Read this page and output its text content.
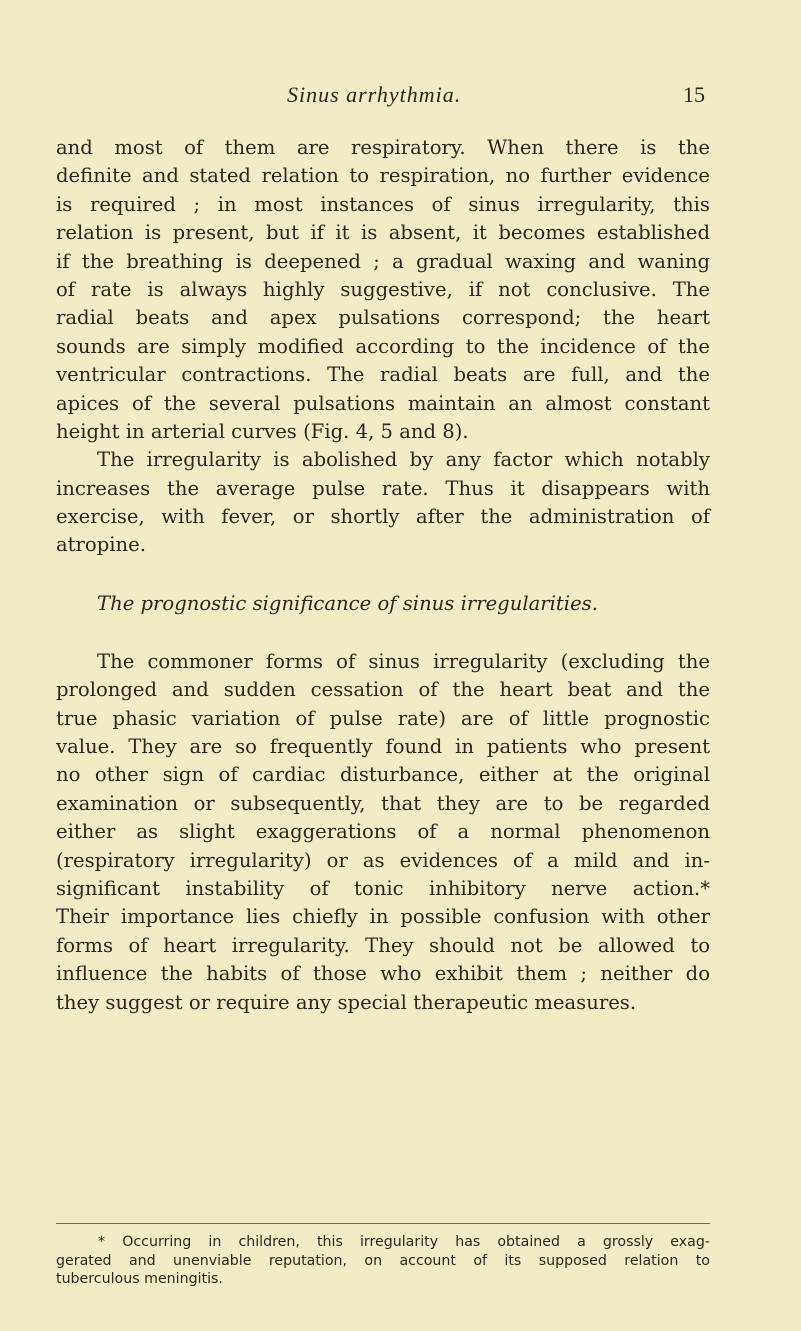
Sinus arrhythmia.	15
and most of them are respiratory. When there is the
definite and stated relation to respiration, no further evidence
is required ; in most instances of sinus irregularity, this
relation is present, but if it is absent, it becomes established
if the breathing is deepened ; a gradual waxing and waning
of rate is always highly suggestive, if not conclusive. The
radial beats and apex pulsations correspond; the heart
sounds are simply modified according to the incidence of the
ventricular contractions. The radial beats are full, and the
apices of the several pulsations maintain an almost constant
height in arterial curves (Fig. 4, 5 and 8).
The irregularity is abolished by any factor which notably
increases the average pulse rate. Thus it disappears with
exercise, with fever, or shortly after the administration of
atropine.
The prognostic significance of sinus irregularities.
The commoner forms of sinus irregularity (excluding the
prolonged and sudden cessation of the heart beat and the
true phasic variation of pulse rate) are of little prognostic
value. They are so frequently found in patients who present
no other sign of cardiac disturbance, either at the original
examination or subsequently, that they are to be regarded
either as slight exaggerations of a normal phenomenon
(respiratory irregularity) or as evidences of a mild and in-
significant instability of tonic inhibitory nerve action.*
Their importance lies chiefly in possible confusion with other
forms of heart irregularity. They should not be allowed to
influence the habits of those who exhibit them ; neither do
they suggest or require any special therapeutic measures.
* Occurring in children, this irregularity has obtained a grossly exag-
gerated and unenviable reputation, on account of its supposed relation to
tuberculous meningitis.
